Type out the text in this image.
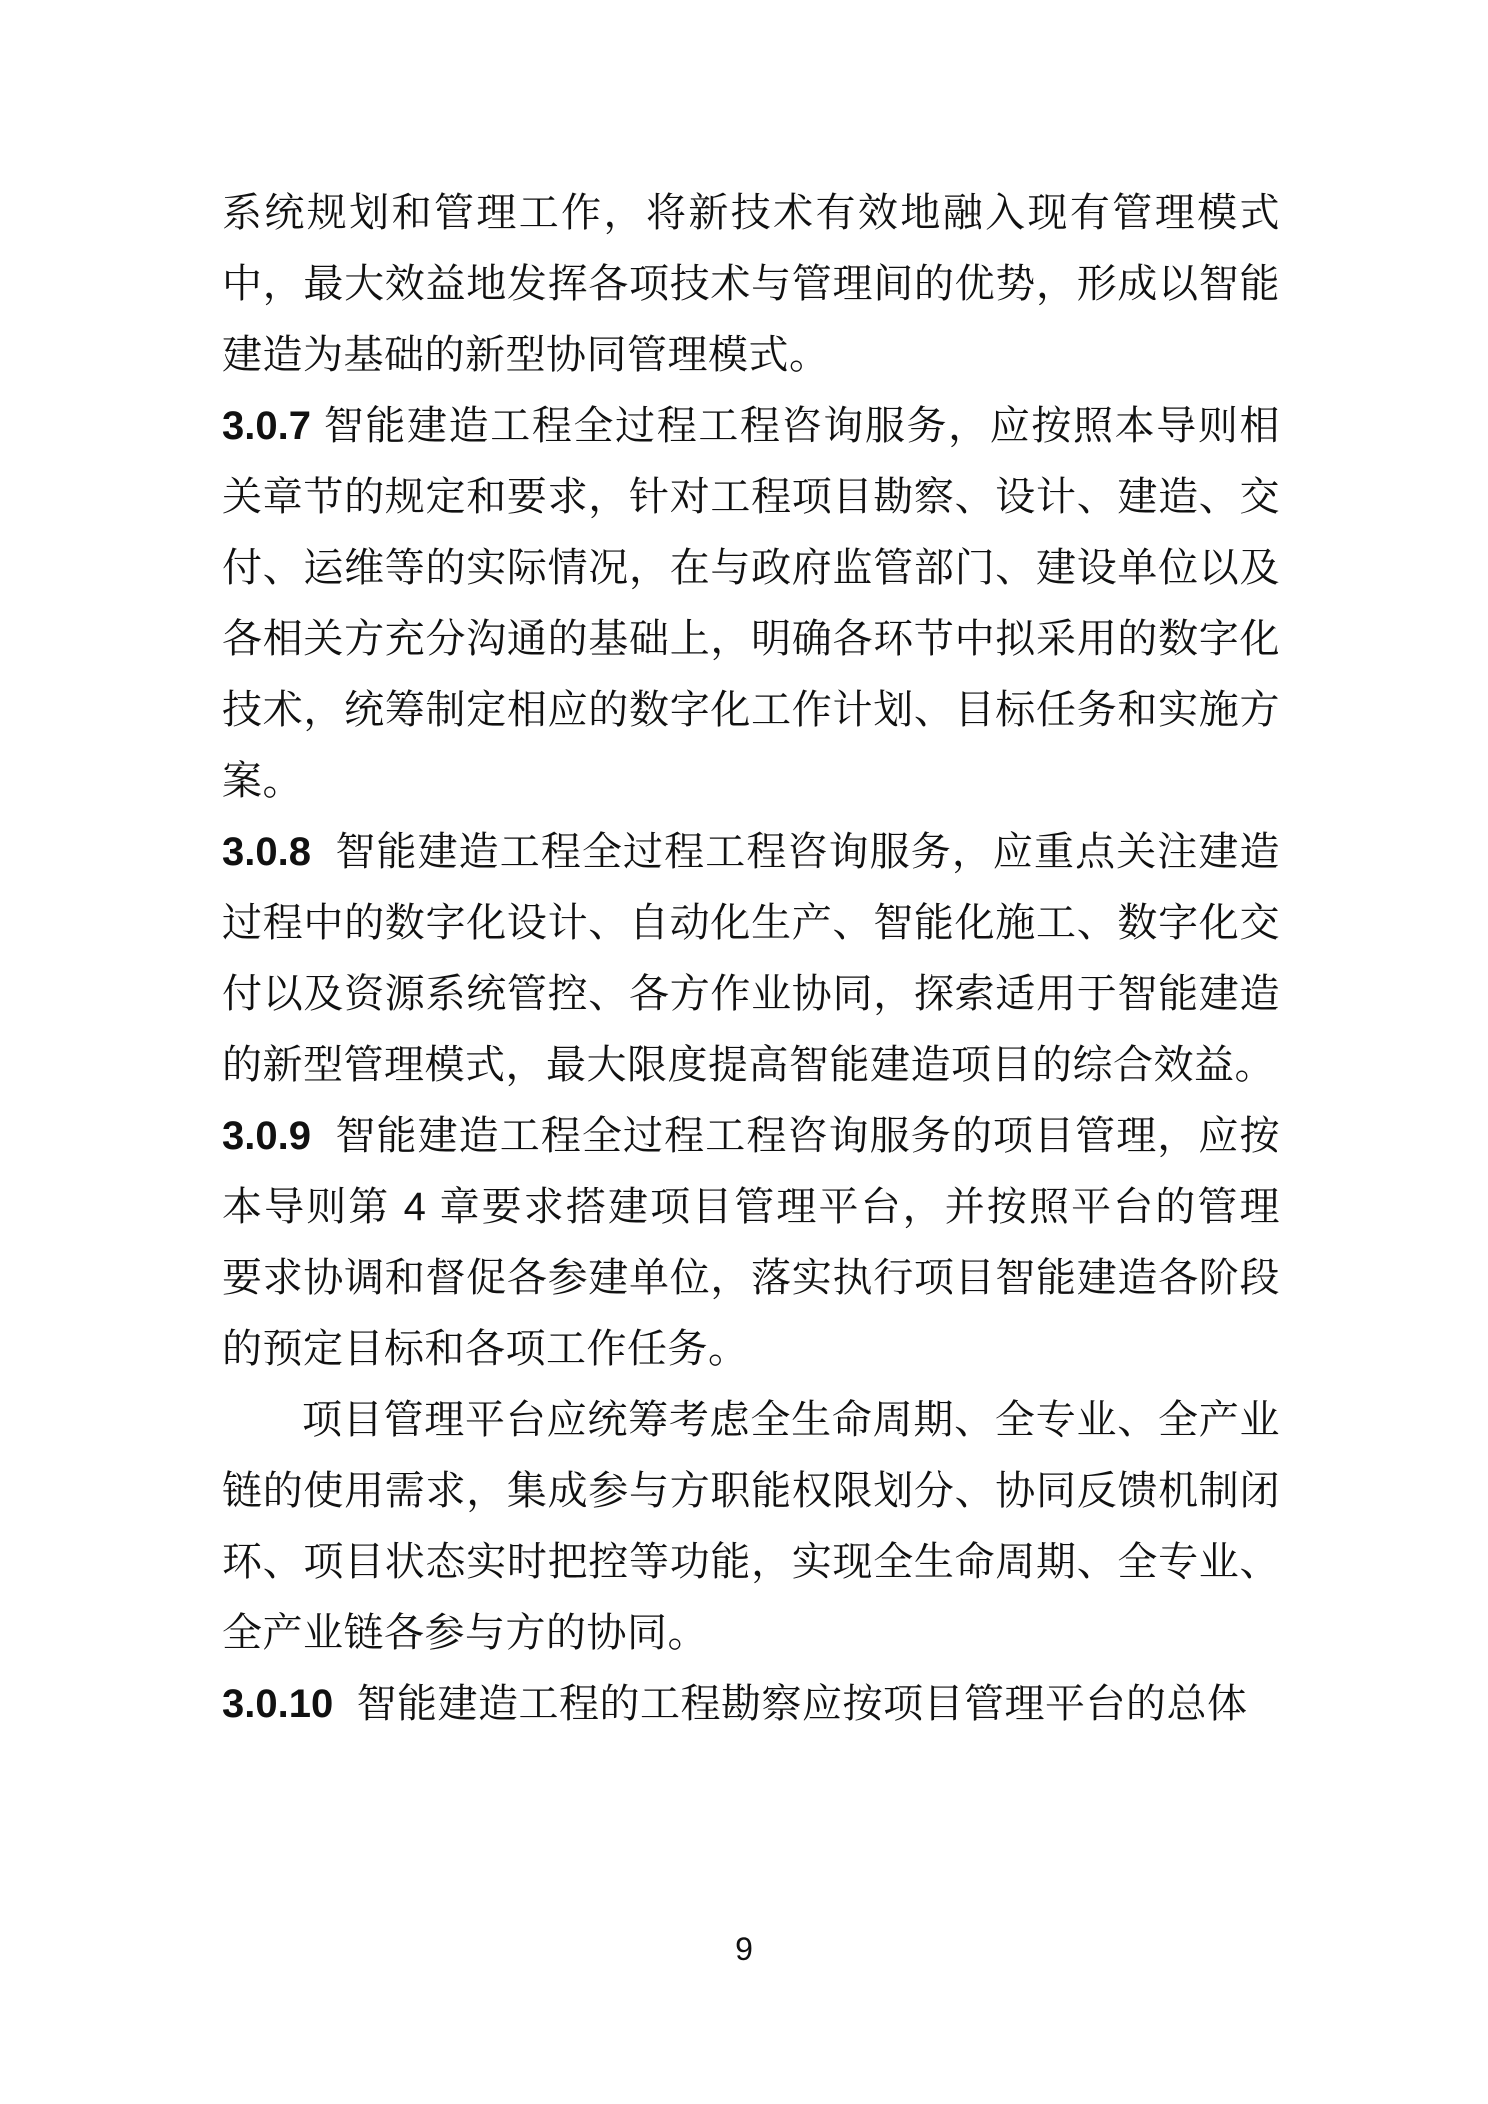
系统规划和管理工作，将新技术有效地融入现有管理模式中，最大效益地发挥各项技术与管理间的优势，形成以智能建造为基础的新型协同管理模式。

3.0.7 智能建造工程全过程工程咨询服务，应按照本导则相关章节的规定和要求，针对工程项目勘察、设计、建造、交付、运维等的实际情况，在与政府监管部门、建设单位以及各相关方充分沟通的基础上，明确各环节中拟采用的数字化技术，统筹制定相应的数字化工作计划、目标任务和实施方案。

3.0.8 智能建造工程全过程工程咨询服务，应重点关注建造过程中的数字化设计、自动化生产、智能化施工、数字化交付以及资源系统管控、各方作业协同，探索适用于智能建造的新型管理模式，最大限度提高智能建造项目的综合效益。

3.0.9 智能建造工程全过程工程咨询服务的项目管理，应按本导则第 4 章要求搭建项目管理平台，并按照平台的管理要求协调和督促各参建单位，落实执行项目智能建造各阶段的预定目标和各项工作任务。

项目管理平台应统筹考虑全生命周期、全专业、全产业链的使用需求，集成参与方职能权限划分、协同反馈机制闭环、项目状态实时把控等功能，实现全生命周期、全专业、全产业链各参与方的协同。

3.0.10 智能建造工程的工程勘察应按项目管理平台的总体

9
